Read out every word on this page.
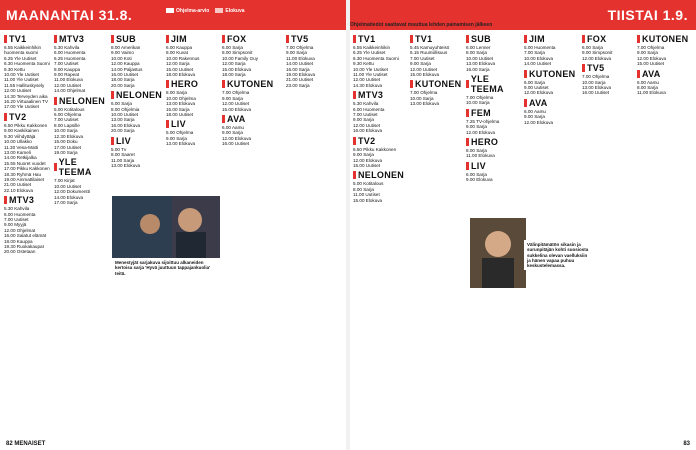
MAANANTAI 31.8.	Ohjelma-arvio	Elokuva	TIISTAI 1.9.
Ohjelmatiedot saattavat muuttua lehden painamisen jälkeen
TV1
6.55 Kaikkeinhikin
huomenta suomi
6.25 Yle Uutiset
6.30 Huomenta Suomi
9.30 Kettu
10.00 Yle Uutiset
11.00 Yle Uutiset
11.55 Hallituskysely
12.00 Uutiset
14.30 Terveyden aika
16.20 Virtuaalinen TV
17.00 Yle Uutiset
TV2
6.50 Pikku Kakkonen
9.00 Kaskikainen
9.30 Viihdyttäjä
10.00 Ullakko
11.30 Vesa-Matti
13.00 Kameli
14.00 Retkijalka
15.55 Nuoret vuodet
17.00 Pikku Kakkonen
18.30 Ryhmä Hau
19.00 Ammattilaiset
21.00 Uutiset
22.10 Elokuva
MTV3
5.30 Kahvila
6.00 Huomenta
7.00 Uutiset
9.00 Myyjä
12.00 Ohjelmat
16.00 Salatut elämät
18.00 Kauppa
19.30 Ruokakaupat
20.00 Ostetaan
MTV3
5.30 Kahvila
6.00 Huomenta
6.25 Huomenta
7.00 Uutiset
8.00 Kauppa
9.00 Rapeat
11.00 Elokuva
12.00 Uutiset
14.00 Ohjelmat
NELONEN
5.00 Kotitalous
6.00 Ohjelma
7.00 Uutiset
8.00 Lapsille
10.00 Sarja
12.30 Elokuva
15.00 Doku
17.00 Uutiset
19.00 Sarja
YLE TEEMA
7.00 Kirjat
10.00 Uutiset
12.00 Dokumentti
14.00 Elokuva
17.00 Sarja
SUB
8.00 Amerikan
9.00 Vaimo
10.00 Koti
12.00 Kauppa
14.00 Paljastus
16.00 Uutiset
18.00 Sarja
20.00 Sarja
NELONEN
6.00 Sarja
8.00 Ohjelmia
10.00 Uutiset
13.00 Sarja
16.00 Elokuva
20.00 Sarja
LIV
5.00 Tv
8.00 Saaret
11.00 Sarja
13.00 Elokuva
JIM
6.00 Kauppa
8.00 Kuvat
10.00 Rakennus
12.00 Sarja
15.00 Uutiset
18.00 Elokuva
HERO
8.00 Sarja
10.00 Ohjelma
13.00 Elokuva
15.00 Sarja
18.00 Uutiset
LIV
5.00 Ohjelma
9.00 Sarja
13.00 Elokuva
FOX
6.00 Sarja
8.00 Simpsonit
10.00 Family Guy
12.00 Sarja
15.00 Elokuva
18.00 Sarja
KUTONEN
7.00 Ohjelma
9.00 Sarja
12.00 Uutiset
15.00 Elokuva
AVA
6.00 Aamu
9.00 Sarja
12.00 Elokuva
16.00 Uutiset
TV5
7.00 Ohjelma
9.00 Sarja
11.00 Elokuva
14.00 Uutiset
16.00 Sarja
19.00 Elokuva
21.00 Uutiset
23.00 Sarja
TV1
6.55 Kaikkeinhikin
6.25 Yle Uutiset
6.30 Huomenta Suomi
9.30 Kettu
10.00 Yle Uutiset
11.00 Yle Uutiset
12.00 Uutiset
14.30 Elokuva
MTV3
5.30 Kahvila
6.00 Huomenta
7.00 Uutiset
9.00 Sarja
12.00 Uutiset
16.00 Elokuva
TV2
6.50 Pikku Kakkonen
9.00 Sarja
12.00 Elokuva
15.00 Uutiset
NELONEN
5.00 Kotitalous
8.00 Sarja
11.00 Uutiset
15.00 Elokuva
TV1
5.45 Kamuyuhteisö
6.15 Ruumiillisuus
7.00 Uutiset
9.00 Sarja
12.00 Uutiset
15.00 Elokuva
KUTONEN
7.00 Ohjelma
10.00 Sarja
13.00 Elokuva
SUB
6.00 Lenner
8.00 Sarja
10.00 Uutiset
13.00 Elokuva
16.00 Sarja
YLE TEEMA
7.00 Ohjelma
10.00 Sarja
FEM
7.25 TV-ohjelma
9.00 Sarja
12.00 Elokuva
HERO
8.00 Sarja
11.00 Elokuva
LIV
6.00 Sarja
9.00 Elokuva
JIM
5.00 Huomenta
7.00 Sarja
10.00 Elokuva
14.00 Uutiset
KUTONEN
6.00 Sarja
9.00 Uutiset
12.00 Elokuva
AVA
6.00 Aamu
9.00 Sarja
12.00 Elokuva
FOX
6.00 Sarja
9.00 Simpsonit
12.00 Elokuva
TV5
7.00 Ohjelma
10.00 Sarja
13.00 Elokuva
16.00 Uutiset
KUTONEN
7.00 Ohjelma
9.00 Sarja
12.00 Elokuva
15.00 Uutiset
AVA
6.00 Aamu
8.00 Sarja
11.00 Elokuva
Menestyjät sarjakuva sijoittuu alkaneiden kertoisa sarja 'Hyvä juuttuun tappajankuolia' teitä.
Välinpitämätön sikasin ja surunpitäjän kohti suosiosta sukkelina olevan vaelluksiin ja hänen vapaa puhuu keskustelemassa.
82 MENAISET	83
